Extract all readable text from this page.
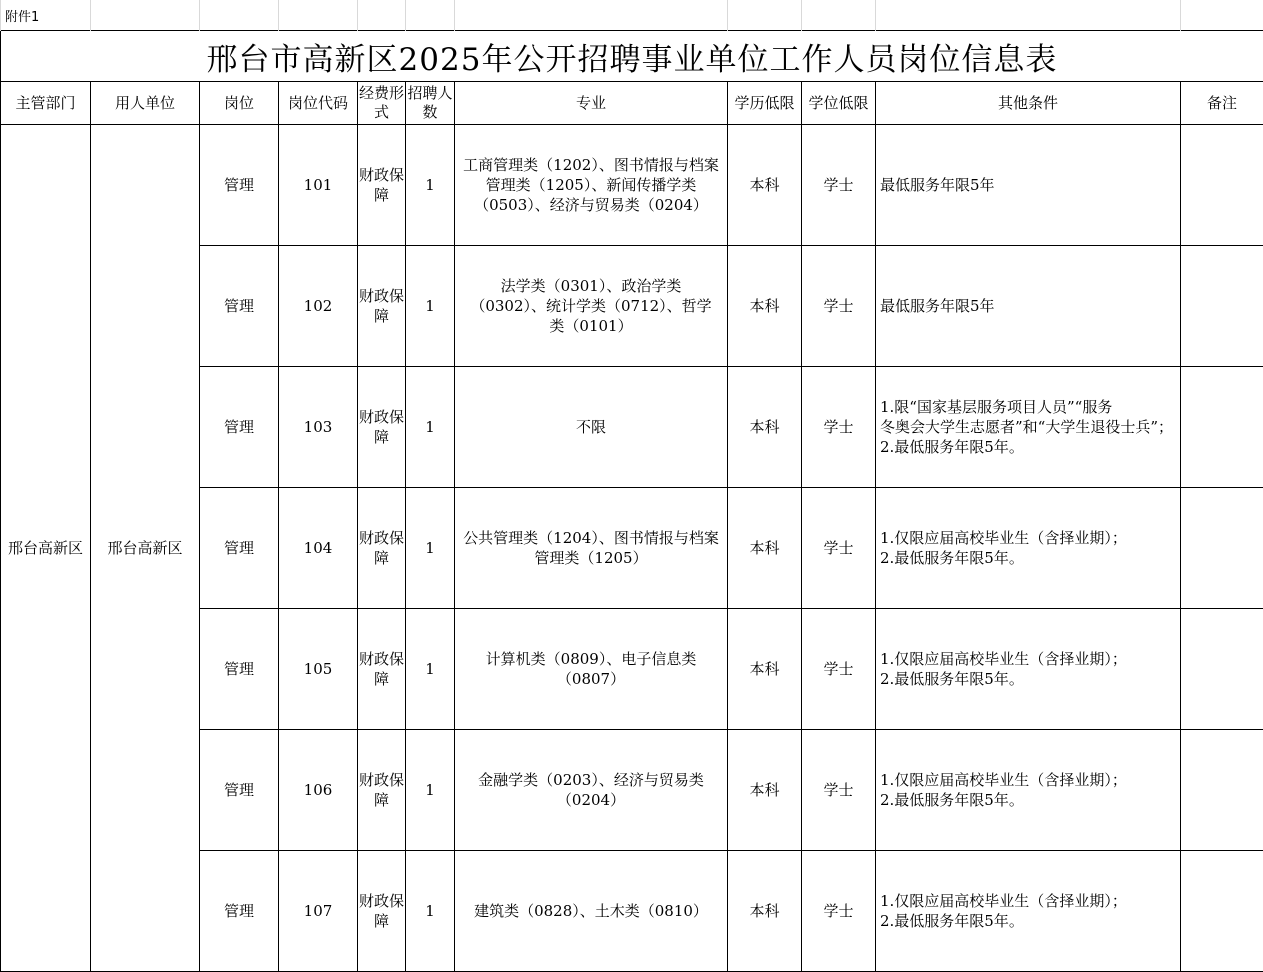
附件1										
邢台市高新区2025年公开招聘事业单位工作人员岗位信息表										
主管部门	用人单位	岗位	岗位代码	经费形式	招聘人数	专业	学历低限	学位低限	其他条件	备注
邢台高新区	邢台高新区	管理	101	财政保障	1	工商管理类（1202）、图书情报与档案管理类（1205）、新闻传播学类（0503）、经济与贸易类（0204）	本科	学士	最低服务年限5年	

		管理	102	财政保障	1	法学类（0301）、政治学类（0302）、统计学类（0712）、哲学类（0101）	本科	学士	最低服务年限5年	

		管理	103	财政保障	1	不限	本科	学士	1.限“国家基层服务项目人员”“服务
冬奥会大学生志愿者”和“大学生退役士兵”；
2.最低服务年限5年。	

		管理	104	财政保障	1	公共管理类（1204）、图书情报与档案管理类（1205）	本科	学士	1.仅限应届高校毕业生（含择业期）；
2.最低服务年限5年。	

		管理	105	财政保障	1	计算机类（0809）、电子信息类（0807）	本科	学士	1.仅限应届高校毕业生（含择业期）；
2.最低服务年限5年。	

		管理	106	财政保障	1	金融学类（0203）、经济与贸易类（0204）	本科	学士	1.仅限应届高校毕业生（含择业期）；
2.最低服务年限5年。	

		管理	107	财政保障	1	建筑类（0828）、土木类（0810）	本科	学士	1.仅限应届高校毕业生（含择业期）；
2.最低服务年限5年。	
